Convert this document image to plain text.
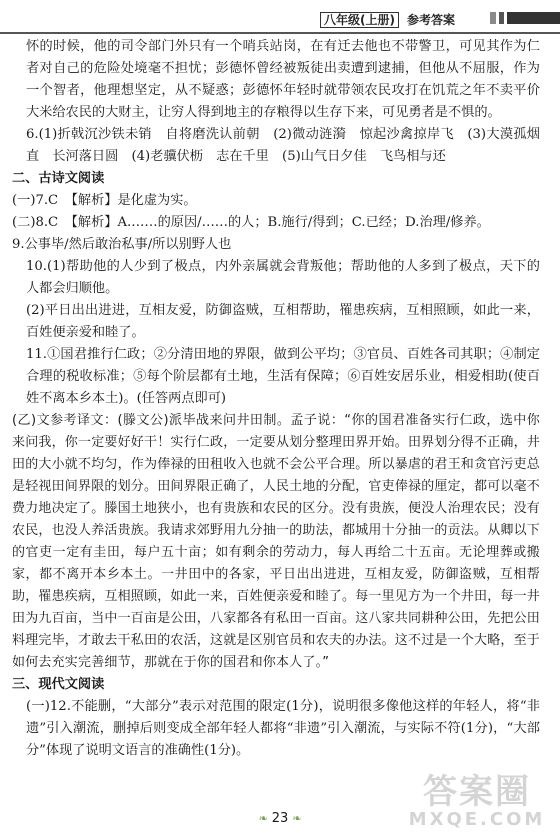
八年级(上册) 参考答案

怀的时候，他的司令部门外只有一个哨兵站岗，在有迁去他也不带警卫，可见其作为仁者对自己的危险处境毫不担忧；彭德怀曾经被叛徒出卖遭到逮捕，但他从不屈服，作为一个智者，他理想坚定，从不疑惑；彭德怀年轻时就带领农民攻打在饥荒之年不卖平价大米给农民的大财主，让穷人得到地主的存粮得以生存下来，可见勇者是不惧的。

6.(1)折戟沉沙铁未销　自将磨洗认前朝　(2)微动涟漪　惊起沙禽掠岸飞　(3)大漠孤烟直　长河落日圆　(4)老骥伏枥　志在千里　(5)山气日夕佳　飞鸟相与还

二、古诗文阅读

(一)7.C　【解析】是化虚为实。

(二)8.C　【解析】A.……的原因/……的人；B.施行/得到；C.已经；D.治理/修养。

9.公事毕/然后敢治私事/所以别野人也

10.(1)帮助他的人少到了极点，内外亲属就会背叛他；帮助他的人多到了极点，天下的人都会归顺他。

(2)平日出出进进，互相友爱，防御盗贼，互相帮助，罹患疾病，互相照顾，如此一来，百姓便亲爱和睦了。

11.①国君推行仁政；②分清田地的界限，做到公平均；③官员、百姓各司其职；④制定合理的税收标准；⑤每个阶层都有土地，生活有保障；⑥百姓安居乐业，相爱相助(使百姓不离本乡本土)。(任答两点即可)

(乙)文参考译文：(滕文公)派毕战来问井田制。孟子说：“你的国君准备实行仁政，选中你来问我，你一定要好好干！实行仁政，一定要从划分整理田界开始。田界划分得不正确，井田的大小就不均匀，作为俸禄的田租收入也就不会公平合理。所以暴虐的君王和贪官污吏总是轻视田间界限的划分。田间界限正确了，人民土地的分配，官吏俸禄的厘定，都可以毫不费力地决定了。滕国土地狭小，也有贵族和农民的区分。没有贵族，便没人治理农民；没有农民，也没人养活贵族。我请求郊野用九分抽一的助法，都城用十分抽一的贡法。从卿以下的官吏一定有圭田，每户五十亩；如有剩余的劳动力，每人再给二十五亩。无论埋葬或搬家，都不离开本乡本土。一井田中的各家，平日出出进进，互相友爱，防御盗贼，互相帮助，罹患疾病，互相照顾，如此一来，百姓便亲爱和睦了。每一里见方为一个井田，每一井田为九百亩，当中一百亩是公田，八家都各有私田一百亩。这八家共同耕种公田，先把公田料理完毕，才敢去干私田的农活，这就是区别官员和农夫的办法。这不过是一个大略，至于如何去充实完善细节，那就在于你的国君和你本人了。”

三、现代文阅读

(一)12.不能删，“大部分”表示对范围的限定(1分)，说明很多像他这样的年轻人，将“非遗”引入潮流，删掉后则变成全部年轻人都将“非遗”引入潮流，与实际不符(1分)，“大部分”体现了说明文语言的准确性(1分)。

❧ 23 ❧
答案圈
MXQE.COM
